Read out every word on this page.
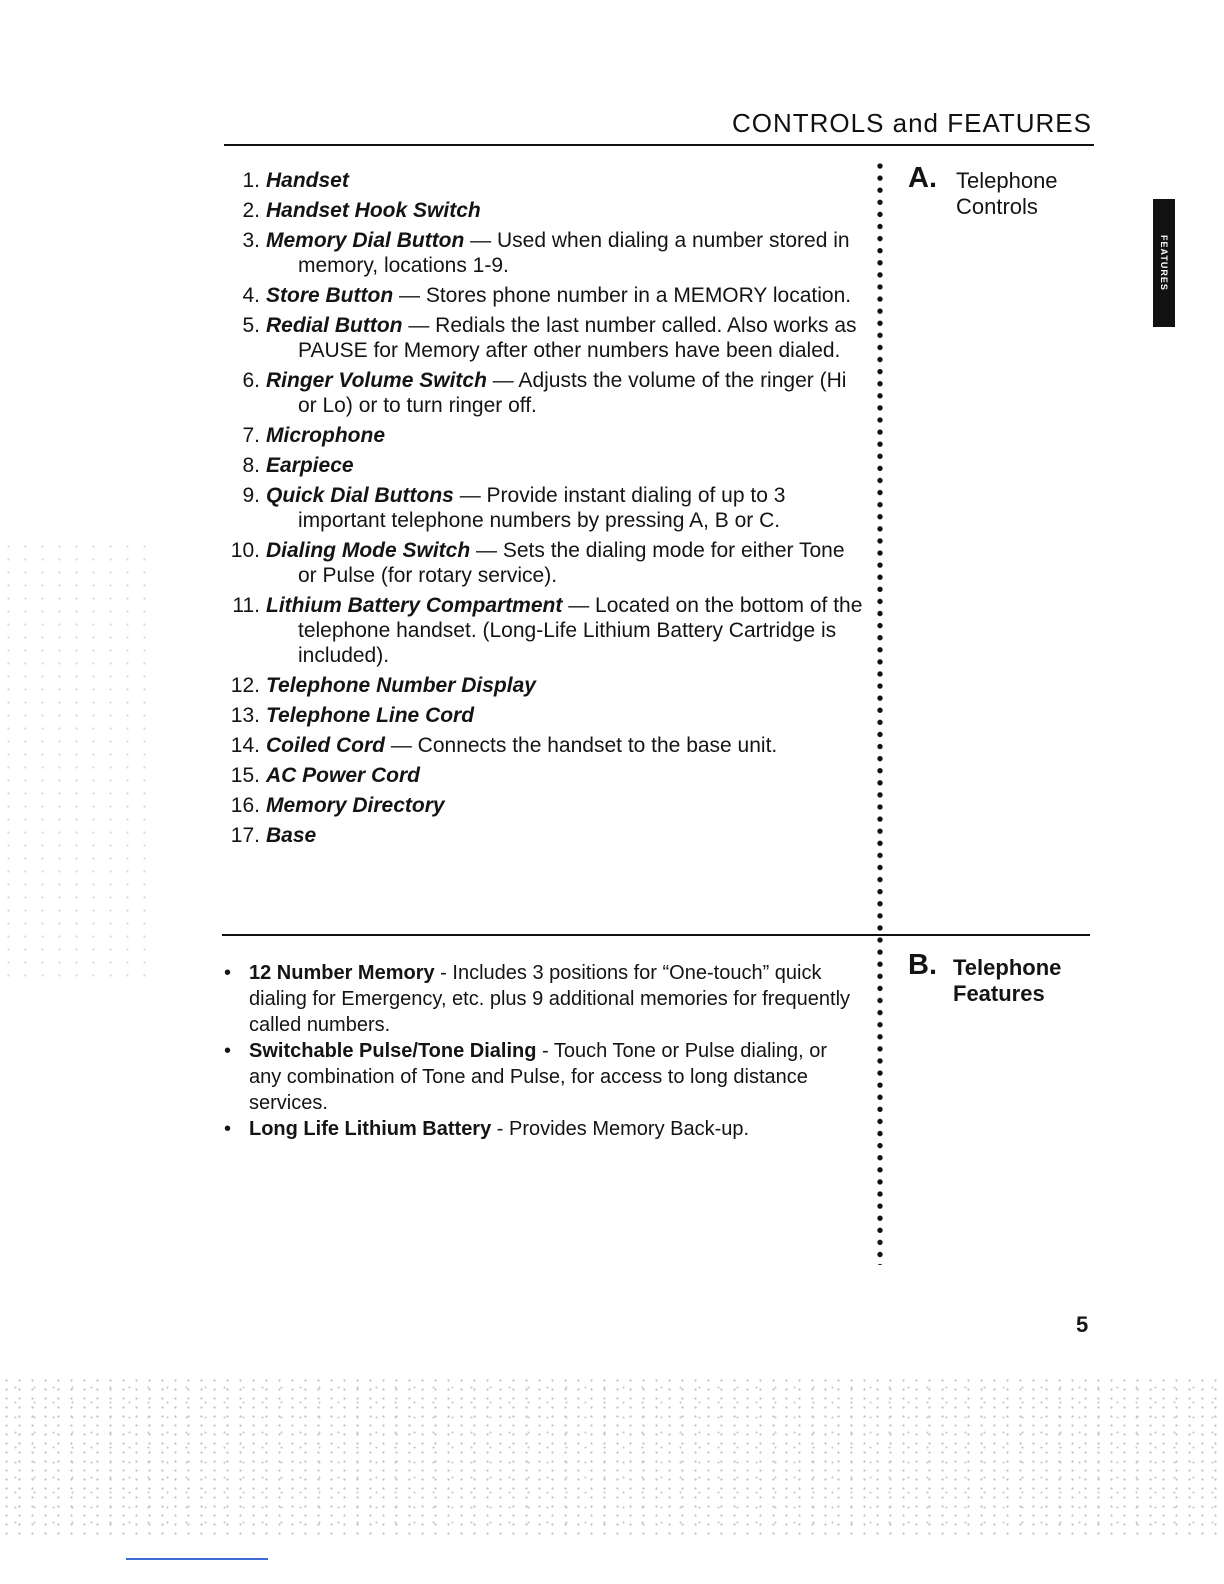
CONTROLS and FEATURES
FEATURES
A. Telephone
Controls
1. Handset
2. Handset Hook Switch
3. Memory Dial Button — Used when dialing a number stored in memory, locations 1-9.
4. Store Button — Stores phone number in a MEMORY location.
5. Redial Button — Redials the last number called. Also works as PAUSE for Memory after other numbers have been dialed.
6. Ringer Volume Switch — Adjusts the volume of the ringer (Hi or Lo) or to turn ringer off.
7. Microphone
8. Earpiece
9. Quick Dial Buttons — Provide instant dialing of up to 3 important telephone numbers by pressing A, B or C.
10. Dialing Mode Switch — Sets the dialing mode for either Tone or Pulse (for rotary service).
11. Lithium Battery Compartment — Located on the bottom of the telephone handset. (Long-Life Lithium Battery Cartridge is included).
12. Telephone Number Display
13. Telephone Line Cord
14. Coiled Cord — Connects the handset to the base unit.
15. AC Power Cord
16. Memory Directory
17. Base
B. Telephone
Features
• 12 Number Memory - Includes 3 positions for “One-touch” quick dialing for Emergency, etc. plus 9 additional memories for frequently called numbers.
• Switchable Pulse/Tone Dialing - Touch Tone or Pulse dialing, or any combination of Tone and Pulse, for access to long distance services.
• Long Life Lithium Battery - Provides Memory Back-up.
5
